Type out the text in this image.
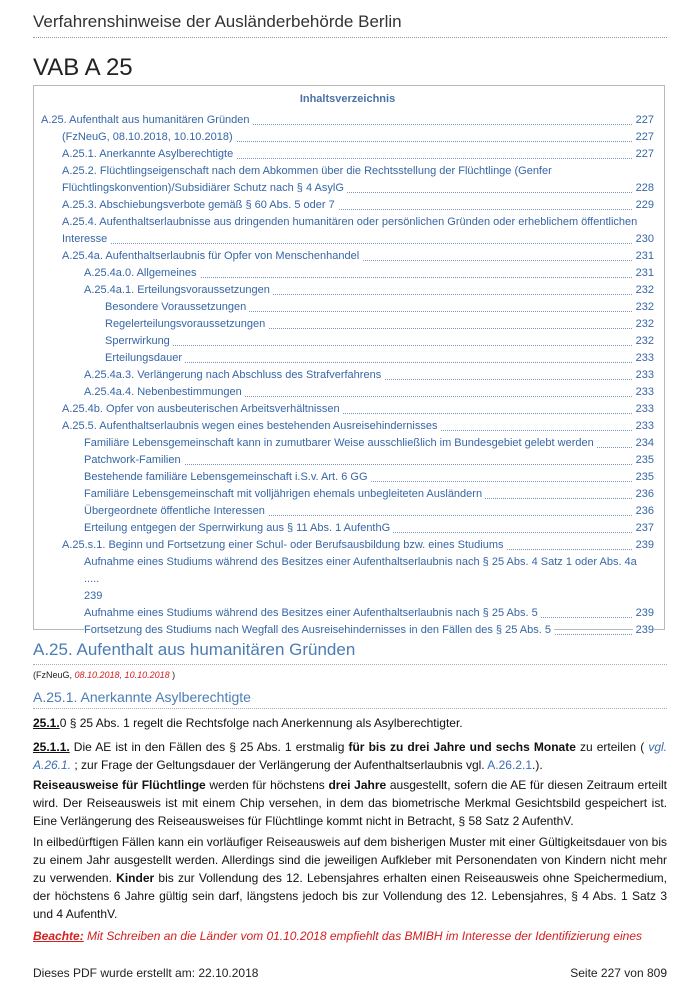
Verfahrenshinweise der Ausländerbehörde Berlin
VAB A 25
Inhaltsverzeichnis
A.25. Aufenthalt aus humanitären Gründen	227
(FzNeuG, 08.10.2018, 10.10.2018)	227
A.25.1. Anerkannte Asylberechtigte	227
A.25.2. Flüchtlingseigenschaft nach dem Abkommen über die Rechtsstellung der Flüchtlinge (Genfer
Flüchtlingskonvention)/Subsidiärer Schutz nach § 4 AsylG	228
A.25.3. Abschiebungsverbote gemäß § 60 Abs. 5 oder 7	229
A.25.4. Aufenthaltserlaubnisse aus dringenden humanitären oder persönlichen Gründen oder erheblichem öffentlichen
Interesse	230
A.25.4a. Aufenthaltserlaubnis für Opfer von Menschenhandel	231
A.25.4a.0. Allgemeines	231
A.25.4a.1. Erteilungsvoraussetzungen	232
Besondere Voraussetzungen	232
Regelerteilungsvoraussetzungen	232
Sperrwirkung	232
Erteilungsdauer	233
A.25.4a.3. Verlängerung nach Abschluss des Strafverfahrens	233
A.25.4a.4. Nebenbestimmungen	233
A.25.4b. Opfer von ausbeuterischen Arbeitsverhältnissen	233
A.25.5. Aufenthaltserlaubnis wegen eines bestehenden Ausreisehindernisses	233
Familiäre Lebensgemeinschaft kann in zumutbarer Weise ausschließlich im Bundesgebiet gelebt werden	234
Patchwork-Familien	235
Bestehende familiäre Lebensgemeinschaft i.S.v. Art. 6 GG	235
Familiäre Lebensgemeinschaft mit volljährigen ehemals unbegleiteten Ausländern	236
Übergeordnete öffentliche Interessen	236
Erteilung entgegen der Sperrwirkung aus § 11 Abs. 1 AufenthG	237
A.25.s.1. Beginn und Fortsetzung einer Schul- oder Berufsausbildung bzw. eines Studiums	239
Aufnahme eines Studiums während des Besitzes einer Aufenthaltserlaubnis nach § 25 Abs. 4 Satz 1 oder Abs. 4a .....
239
Aufnahme eines Studiums während des Besitzes einer Aufenthaltserlaubnis nach § 25 Abs. 5	239
Fortsetzung des Studiums nach Wegfall des Ausreisehindernisses in den Fällen des § 25 Abs. 5	239
A.25. Aufenthalt aus humanitären Gründen
(FzNeuG, 08.10.2018, 10.10.2018 )
A.25.1. Anerkannte Asylberechtigte
25.1.0 § 25 Abs. 1 regelt die Rechtsfolge nach Anerkennung als Asylberechtigter.
25.1.1. Die AE ist in den Fällen des § 25 Abs. 1 erstmalig für bis zu drei Jahre und sechs Monate zu erteilen ( vgl. A.26.1. ; zur Frage der Geltungsdauer der Verlängerung der Aufenthaltserlaubnis vgl. A.26.2.1.).
Reiseausweise für Flüchtlinge werden für höchstens drei Jahre ausgestellt, sofern die AE für diesen Zeitraum erteilt wird. Der Reiseausweis ist mit einem Chip versehen, in dem das biometrische Merkmal Gesichtsbild gespeichert ist. Eine Verlängerung des Reiseausweises für Flüchtlinge kommt nicht in Betracht, § 58 Satz 2 AufenthV.
In eilbedürftigen Fällen kann ein vorläufiger Reiseausweis auf dem bisherigen Muster mit einer Gültigkeitsdauer von bis zu einem Jahr ausgestellt werden. Allerdings sind die jeweiligen Aufkleber mit Personendaten von Kindern nicht mehr zu verwenden. Kinder bis zur Vollendung des 12. Lebensjahres erhalten einen Reiseausweis ohne Speichermedium, der höchstens 6 Jahre gültig sein darf, längstens jedoch bis zur Vollendung des 12. Lebensjahres, § 4 Abs. 1 Satz 3 und 4 AufenthV.
Beachte: Mit Schreiben an die Länder vom 01.10.2018 empfiehlt das BMIBH im Interesse der Identifizierung eines
Dieses PDF wurde erstellt am: 22.10.2018	Seite 227 von 809
